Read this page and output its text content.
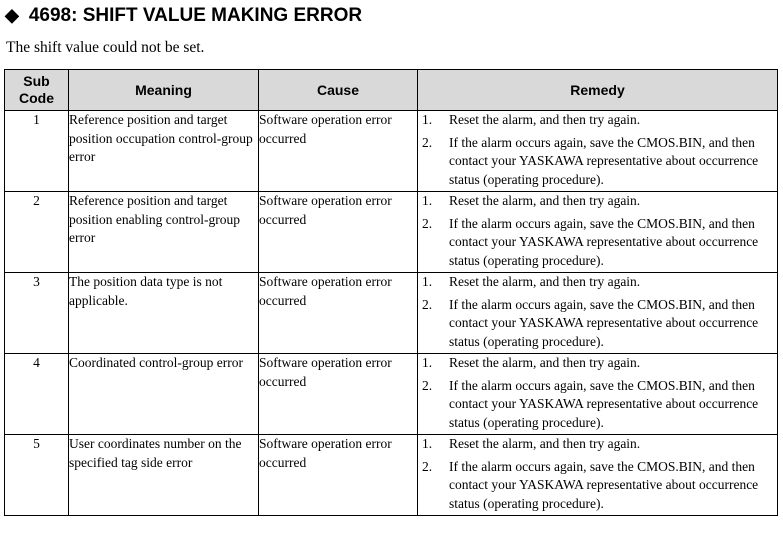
◆ 4698: SHIFT VALUE MAKING ERROR
The shift value could not be set.
Sub Code	Meaning	Cause	Remedy
1	Reference position and target position occupation control-group error	Software operation error occurred	1. Reset the alarm, and then try again.
2. If the alarm occurs again, save the CMOS.BIN, and then contact your YASKAWA representative about occurrence status (operating procedure).

2	Reference position and target position enabling control-group error	Software operation error occurred	1. Reset the alarm, and then try again.
2. If the alarm occurs again, save the CMOS.BIN, and then contact your YASKAWA representative about occurrence status (operating procedure).

3	The position data type is not applicable.	Software operation error occurred	1. Reset the alarm, and then try again.
2. If the alarm occurs again, save the CMOS.BIN, and then contact your YASKAWA representative about occurrence status (operating procedure).

4	Coordinated control-group error	Software operation error occurred	1. Reset the alarm, and then try again.
2. If the alarm occurs again, save the CMOS.BIN, and then contact your YASKAWA representative about occurrence status (operating procedure).

5	User coordinates number on the specified tag side error	Software operation error occurred	1. Reset the alarm, and then try again.
2. If the alarm occurs again, save the CMOS.BIN, and then contact your YASKAWA representative about occurrence status (operating procedure).
